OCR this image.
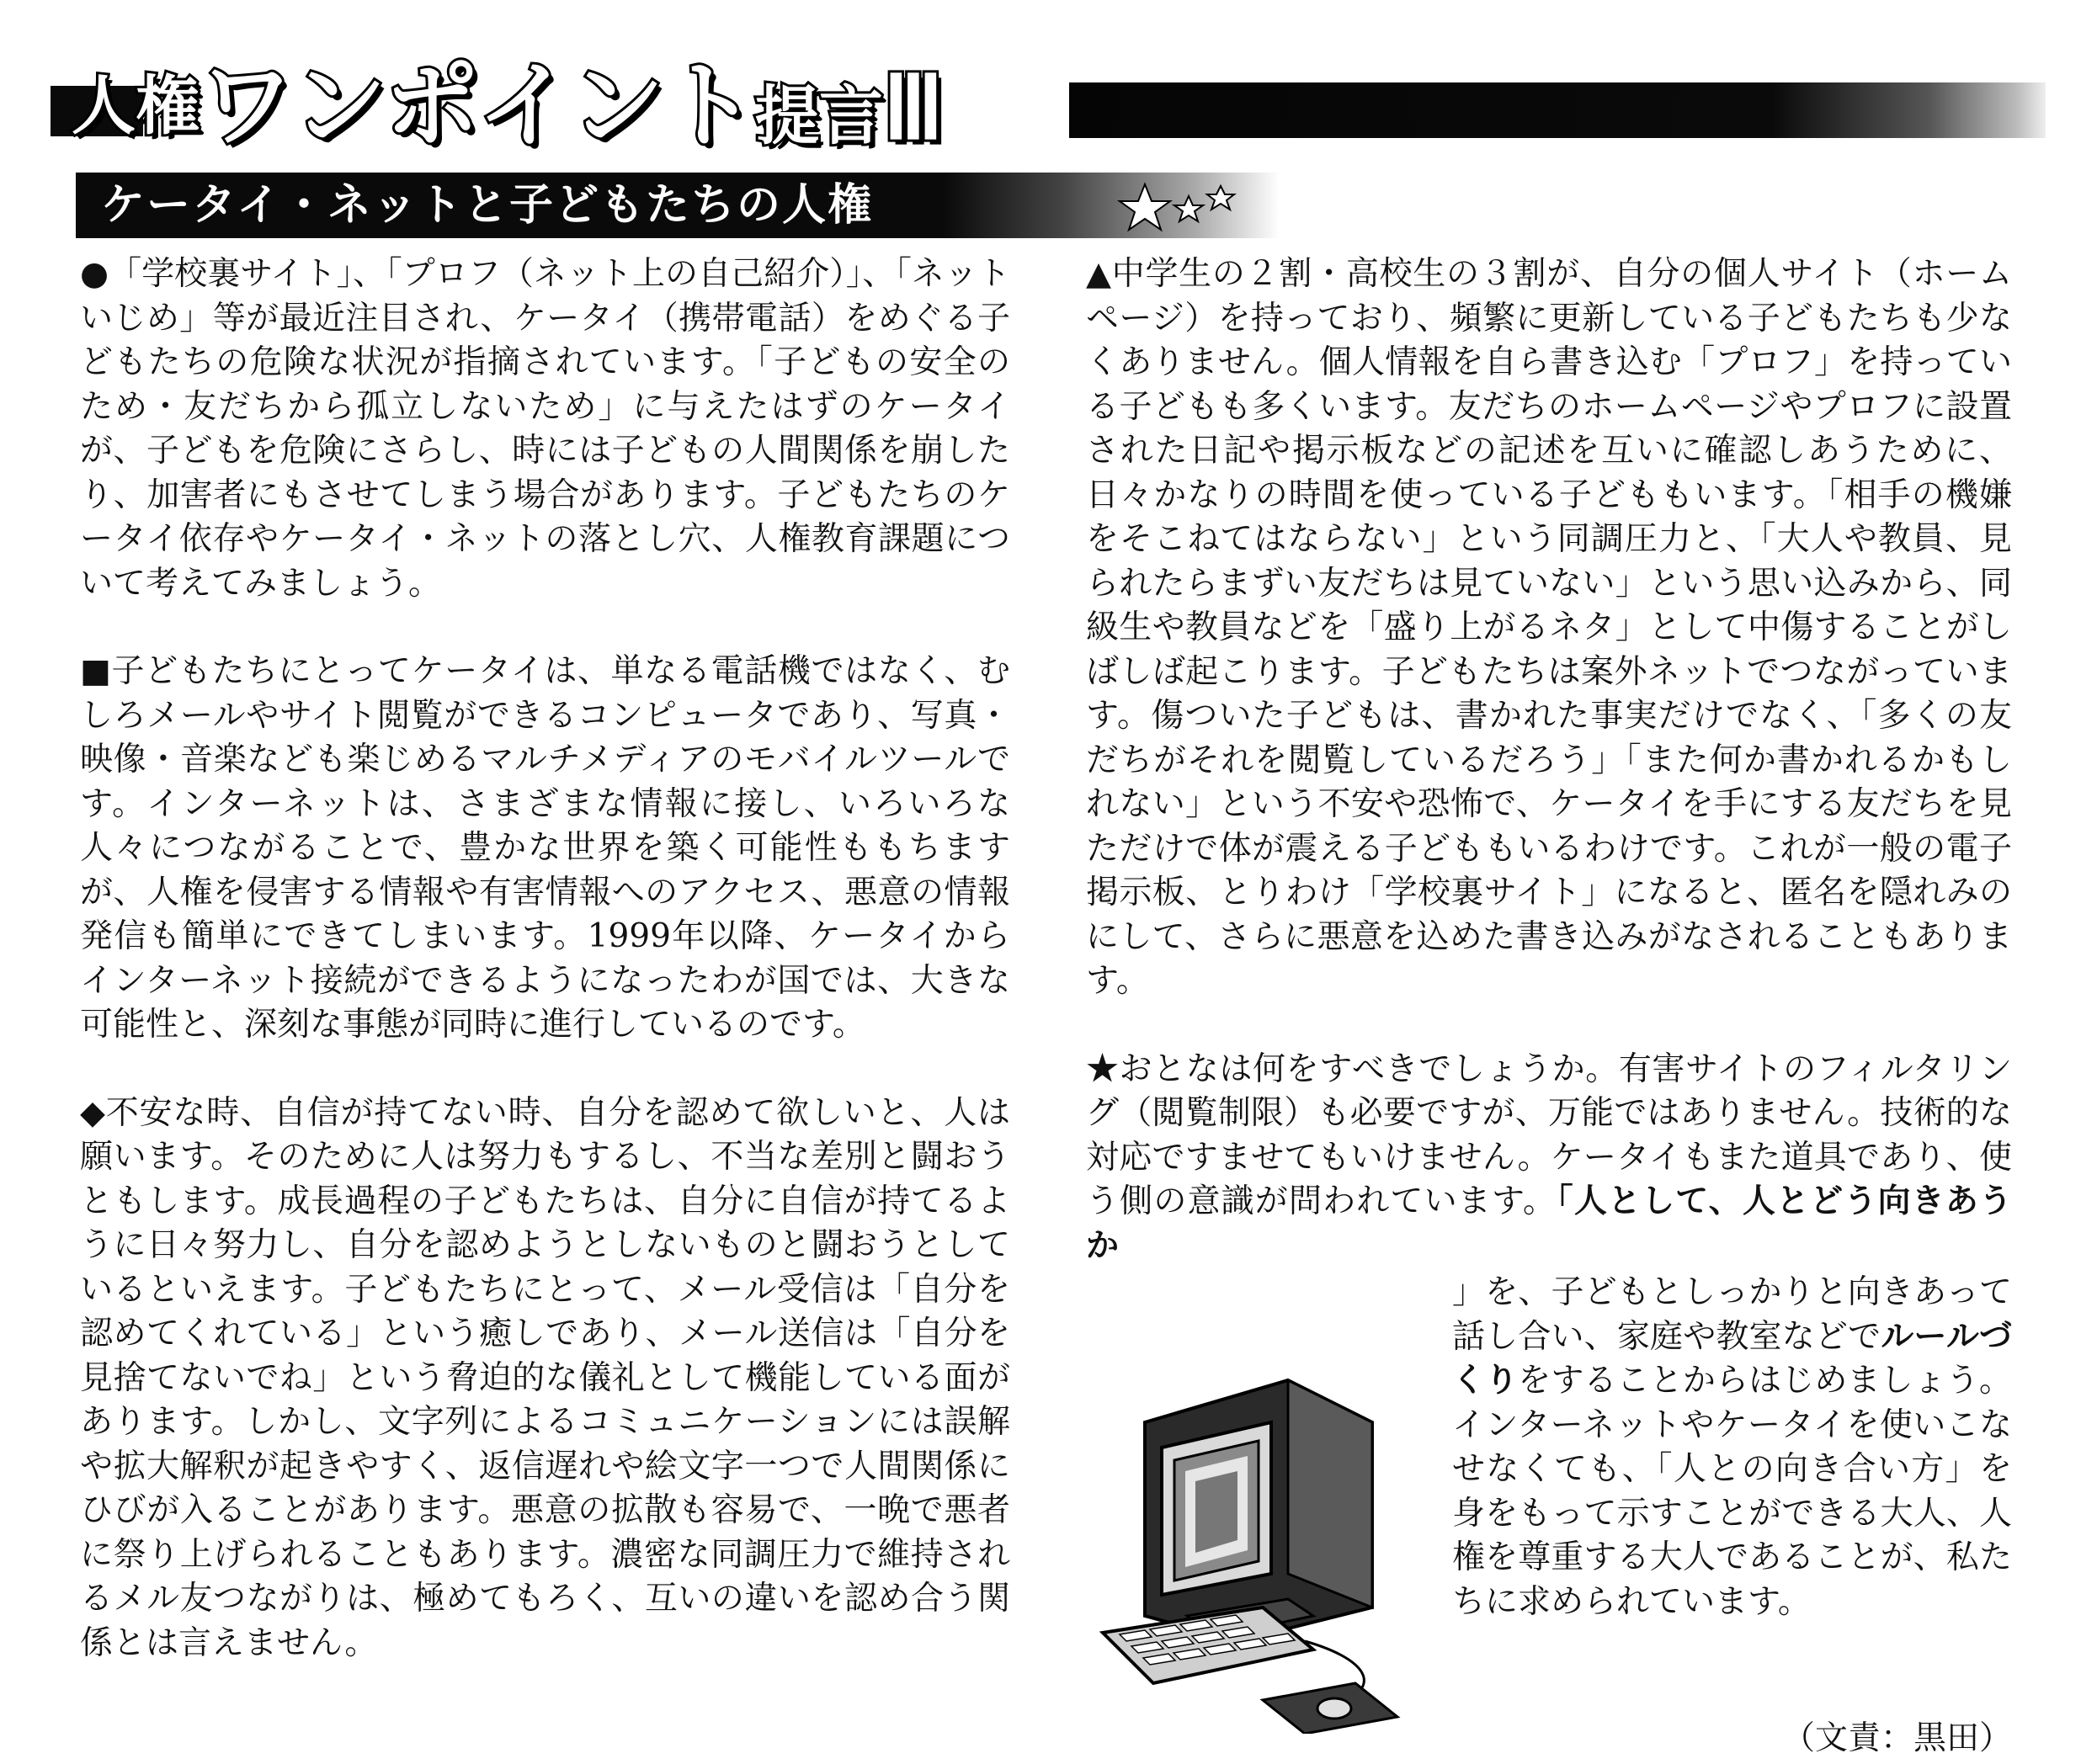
人権ワンポイント提言Ⅲ
ケータイ・ネットと子どもたちの人権

●「学校裏サイト」、「プロフ（ネット上の自己紹介）」、「ネットいじめ」等が最近注目され、ケータイ（携帯電話）をめぐる子どもたちの危険な状況が指摘されています。「子どもの安全のため・友だちから孤立しないため」に与えたはずのケータイが、子どもを危険にさらし、時には子どもの人間関係を崩したり、加害者にもさせてしまう場合があります。子どもたちのケータイ依存やケータイ・ネットの落とし穴、人権教育課題について考えてみましょう。

■子どもたちにとってケータイは、単なる電話機ではなく、むしろメールやサイト閲覧ができるコンピュータであり、写真・映像・音楽なども楽じめるマルチメディアのモバイルツールです。インターネットは、さまざまな情報に接し、いろいろな人々につながることで、豊かな世界を築く可能性ももちますが、人権を侵害する情報や有害情報へのアクセス、悪意の情報発信も簡単にできてしまいます。1999年以降、ケータイからインターネット接続ができるようになったわが国では、大きな可能性と、深刻な事態が同時に進行しているのです。

◆不安な時、自信が持てない時、自分を認めて欲しいと、人は願います。そのために人は努力もするし、不当な差別と闘おうともします。成長過程の子どもたちは、自分に自信が持てるように日々努力し、自分を認めようとしないものと闘おうとしているといえます。子どもたちにとって、メール受信は「自分を認めてくれている」という癒しであり、メール送信は「自分を見捨てないでね」という脅迫的な儀礼として機能している面があります。しかし、文字列によるコミュニケーションには誤解や拡大解釈が起きやすく、返信遅れや絵文字一つで人間関係にひびが入ることがあります。悪意の拡散も容易で、一晩で悪者に祭り上げられることもあります。濃密な同調圧力で維持されるメル友つながりは、極めてもろく、互いの違いを認め合う関係とは言えません。

▲中学生の２割・高校生の３割が、自分の個人サイト（ホームページ）を持っており、頻繁に更新している子どもたちも少なくありません。個人情報を自ら書き込む「プロフ」を持っている子どもも多くいます。友だちのホームページやプロフに設置された日記や掲示板などの記述を互いに確認しあうために、日々かなりの時間を使っている子どももいます。「相手の機嫌をそこねてはならない」という同調圧力と、「大人や教員、見られたらまずい友だちは見ていない」という思い込みから、同級生や教員などを「盛り上がるネタ」として中傷することがしばしば起こります。子どもたちは案外ネットでつながっています。傷ついた子どもは、書かれた事実だけでなく、「多くの友だちがそれを閲覧しているだろう」「また何か書かれるかもしれない」という不安や恐怖で、ケータイを手にする友だちを見ただけで体が震える子どももいるわけです。これが一般の電子掲示板、とりわけ「学校裏サイト」になると、匿名を隠れみのにして、さらに悪意を込めた書き込みがなされることもあります。

★おとなは何をすべきでしょうか。有害サイトのフィルタリング（閲覧制限）も必要ですが、万能ではありません。技術的な対応ですませてもいけません。ケータイもまた道具であり、使う側の意識が問われています。「人として、人とどう向きあうか

」を、子どもとしっかりと向きあって話し合い、家庭や教室などでルールづくりをすることからはじめましょう。インターネットやケータイを使いこなせなくても、「人との向き合い方」を身をもって示すことができる大人、人権を尊重する大人であることが、私たちに求められています。
（文責：黒田）
